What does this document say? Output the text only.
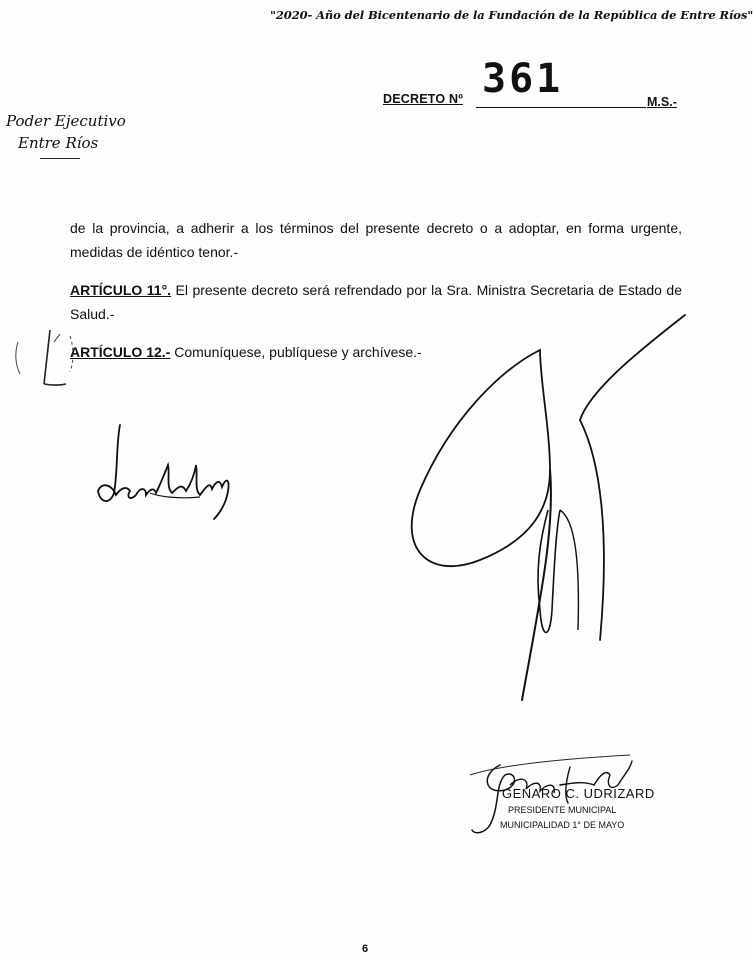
"2020- Año del Bicentenario de la Fundación de la República de Entre Ríos"
Poder Ejecutivo
Entre Ríos
DECRETO Nº 361	M.S.-
de la provincia, a adherir a los términos del presente decreto o a adoptar, en forma urgente, medidas de idéntico tenor.-
ARTÍCULO 11°. El presente decreto será refrendado por la Sra. Ministra Secretaria de Estado de Salud.-
ARTÍCULO 12.- Comuníquese, publíquese y archívese.-
GENARO C. UDRIZARD
PRESIDENTE MUNICIPAL
MUNICIPALIDAD 1° DE MAYO
6
